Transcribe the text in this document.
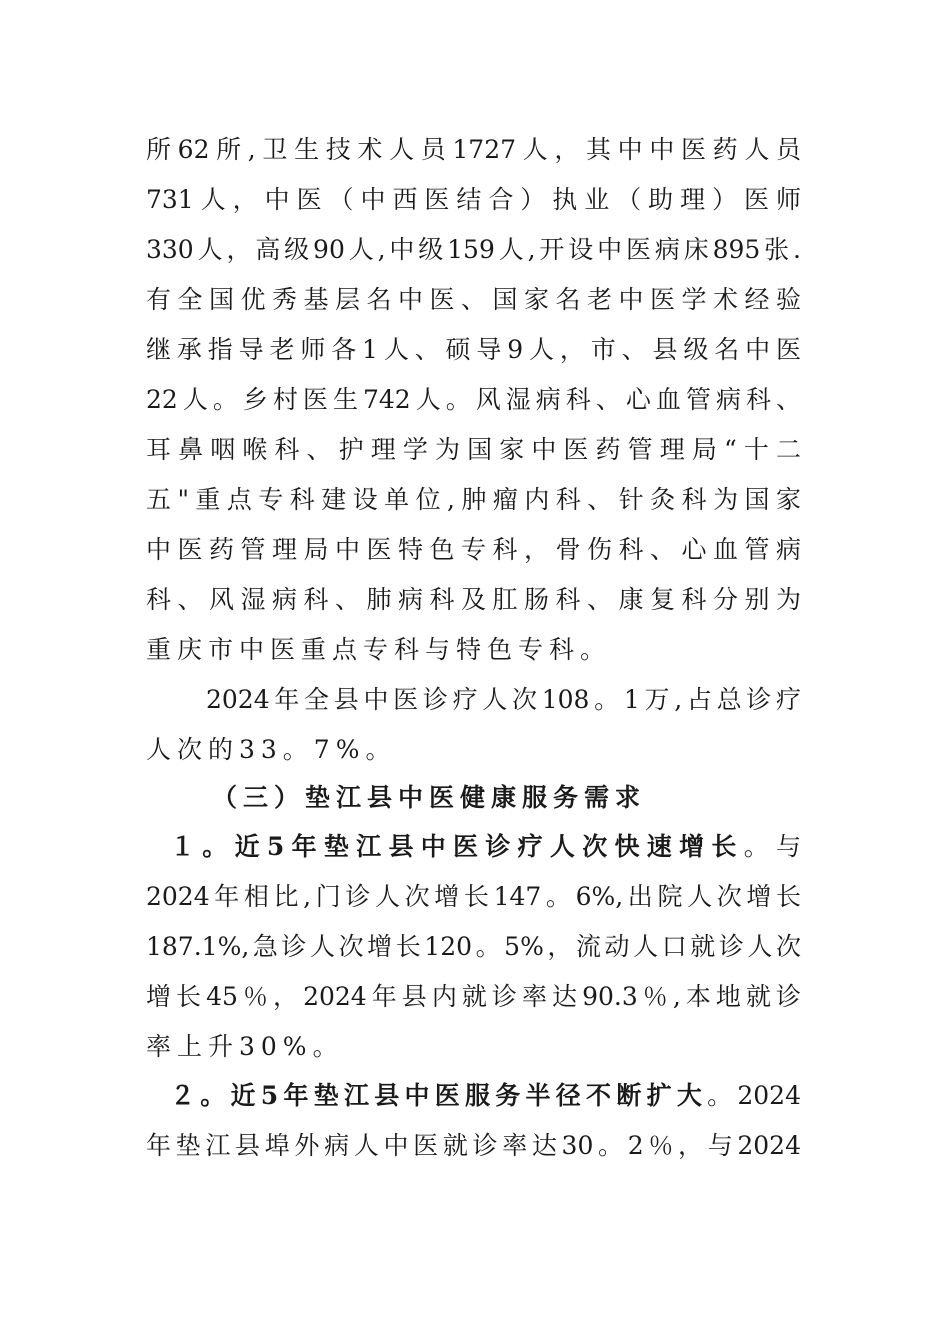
所62所,卫生技术人员1727人，其中中医药人员
731人，中医（中西医结合）执业（助理）医师
330人，高级90人,中级159人,开设中医病床895张.
有全国优秀基层名中医、国家名老中医学术经验
继承指导老师各1人、硕导9人，市、县级名中医
22人。乡村医生742人。风湿病科、心血管病科、
耳鼻咽喉科、护理学为国家中医药管理局“十二
五"重点专科建设单位,肿瘤内科、针灸科为国家
中医药管理局中医特色专科，骨伤科、心血管病
科、风湿病科、肺病科及肛肠科、康复科分别为
重庆市中医重点专科与特色专科。
2024年全县中医诊疗人次108。1万,占总诊疗
人次的33。7%。
（三）垫江县中医健康服务需求
１。近5年垫江县中医诊疗人次快速增长。与
2024年相比,门诊人次增长147。6%,出院人次增长
187.1%,急诊人次增长120。5%，流动人口就诊人次
增长45％，2024年县内就诊率达90.3％,本地就诊
率上升30%。
２。近5年垫江县中医服务半径不断扩大。2024
年垫江县埠外病人中医就诊率达30。2％，与2024
